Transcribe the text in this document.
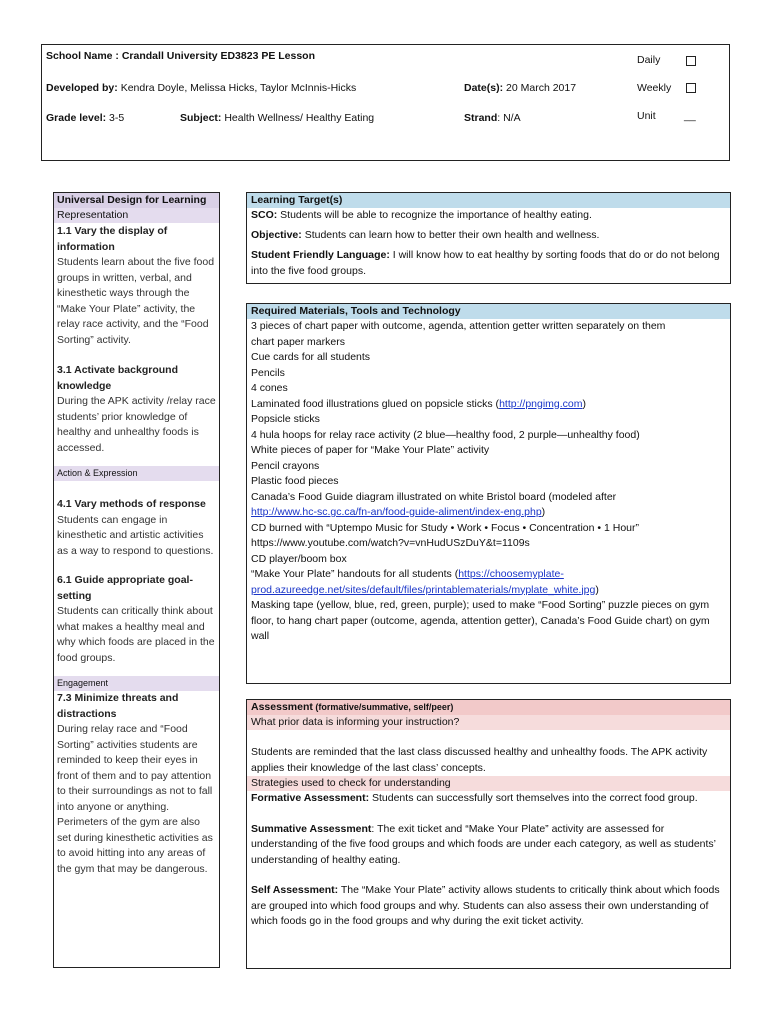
School Name : Crandall University ED3823 PE Lesson
Developed by: Kendra Doyle, Melissa Hicks, Taylor McInnis-Hicks
Grade level: 3-5	Subject: Health Wellness/ Healthy Eating
Date(s): 20 March 2017
Strand: N/A
Daily
Weekly
Unit	__
Universal Design for Learning
Representation
1.1 Vary the display of information
Students learn about the five food groups in written, verbal, and kinesthetic ways through the “Make Your Plate” activity, the relay race activity, and the “Food Sorting” activity.
3.1 Activate background knowledge
During the APK activity /relay race students’ prior knowledge of healthy and unhealthy foods is accessed.
Action & Expression
4.1 Vary methods of response
Students can engage in kinesthetic and artistic activities as a way to respond to questions.
6.1 Guide appropriate goal-setting
Students can critically think about what makes a healthy meal and why which foods are placed in the food groups.
Engagement
7.3 Minimize threats and distractions
During relay race and “Food Sorting” activities students are reminded to keep their eyes in front of them and to pay attention to their surroundings as not to fall into anyone or anything. Perimeters of the gym are also set during kinesthetic activities as to avoid hitting into any areas of the gym that may be dangerous.
Learning Target(s)
SCO: Students will be able to recognize the importance of healthy eating.
Objective: Students can learn how to better their own health and wellness.
Student Friendly Language: I will know how to eat healthy by sorting foods that do or do not belong into the five food groups.
Required Materials, Tools and Technology
3 pieces of chart paper with outcome, agenda, attention getter written separately on them
chart paper markers
Cue cards for all students
Pencils
4 cones
Laminated food illustrations glued on popsicle sticks (http://pngimg.com)
Popsicle sticks
4 hula hoops for relay race activity (2 blue—healthy food, 2 purple—unhealthy food)
White pieces of paper for “Make Your Plate” activity
Pencil crayons
Plastic food pieces
Canada’s Food Guide diagram illustrated on white Bristol board (modeled after
http://www.hc-sc.gc.ca/fn-an/food-guide-aliment/index-eng.php)
CD burned with “Uptempo Music for Study • Work • Focus • Concentration • 1 Hour”
https://www.youtube.com/watch?v=vnHudUSzDuY&t=1109s
CD player/boom box
“Make Your Plate” handouts for all students (https://choosemyplate-
prod.azureedge.net/sites/default/files/printablematerials/myplate_white.jpg)
Masking tape (yellow, blue, red, green, purple); used to make “Food Sorting” puzzle pieces on gym floor, to hang chart paper (outcome, agenda, attention getter), Canada’s Food Guide chart) on gym wall
Assessment (formative/summative, self/peer)
What prior data is informing your instruction?
Students are reminded that the last class discussed healthy and unhealthy foods. The APK activity applies their knowledge of the last class’ concepts.
Strategies used to check for understanding
Formative Assessment: Students can successfully sort themselves into the correct food group.
Summative Assessment: The exit ticket and “Make Your Plate” activity are assessed for understanding of the five food groups and which foods are under each category, as well as students’ understanding of healthy eating.
Self Assessment: The “Make Your Plate” activity allows students to critically think about which foods are grouped into which food groups and why. Students can also assess their own understanding of which foods go in the food groups and why during the exit ticket activity.
